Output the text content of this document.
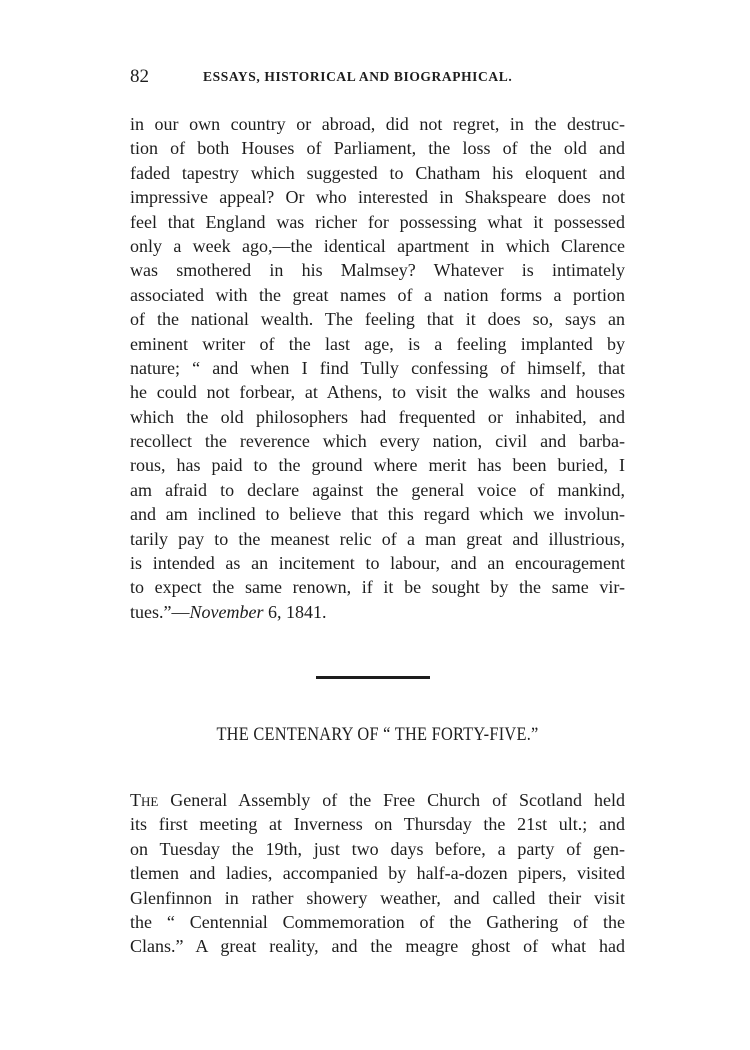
82	ESSAYS, HISTORICAL AND BIOGRAPHICAL.
in our own country or abroad, did not regret, in the destruc-
tion of both Houses of Parliament, the loss of the old and
faded tapestry which suggested to Chatham his eloquent and
impressive appeal? Or who interested in Shakspeare does not
feel that England was richer for possessing what it possessed
only a week ago,—the identical apartment in which Clarence
was smothered in his Malmsey? Whatever is intimately
associated with the great names of a nation forms a portion
of the national wealth. The feeling that it does so, says an
eminent writer of the last age, is a feeling implanted by
nature; “ and when I find Tully confessing of himself, that
he could not forbear, at Athens, to visit the walks and houses
which the old philosophers had frequented or inhabited, and
recollect the reverence which every nation, civil and barba-
rous, has paid to the ground where merit has been buried, I
am afraid to declare against the general voice of mankind,
and am inclined to believe that this regard which we involun-
tarily pay to the meanest relic of a man great and illustrious,
is intended as an incitement to labour, and an encouragement
to expect the same renown, if it be sought by the same vir-
tues.”—November 6, 1841.
THE CENTENARY OF “ THE FORTY-FIVE.”
The General Assembly of the Free Church of Scotland held
its first meeting at Inverness on Thursday the 21st ult.; and
on Tuesday the 19th, just two days before, a party of gen-
tlemen and ladies, accompanied by half-a-dozen pipers, visited
Glenfinnon in rather showery weather, and called their visit
the “ Centennial Commemoration of the Gathering of the
Clans.” A great reality, and the meagre ghost of what had
